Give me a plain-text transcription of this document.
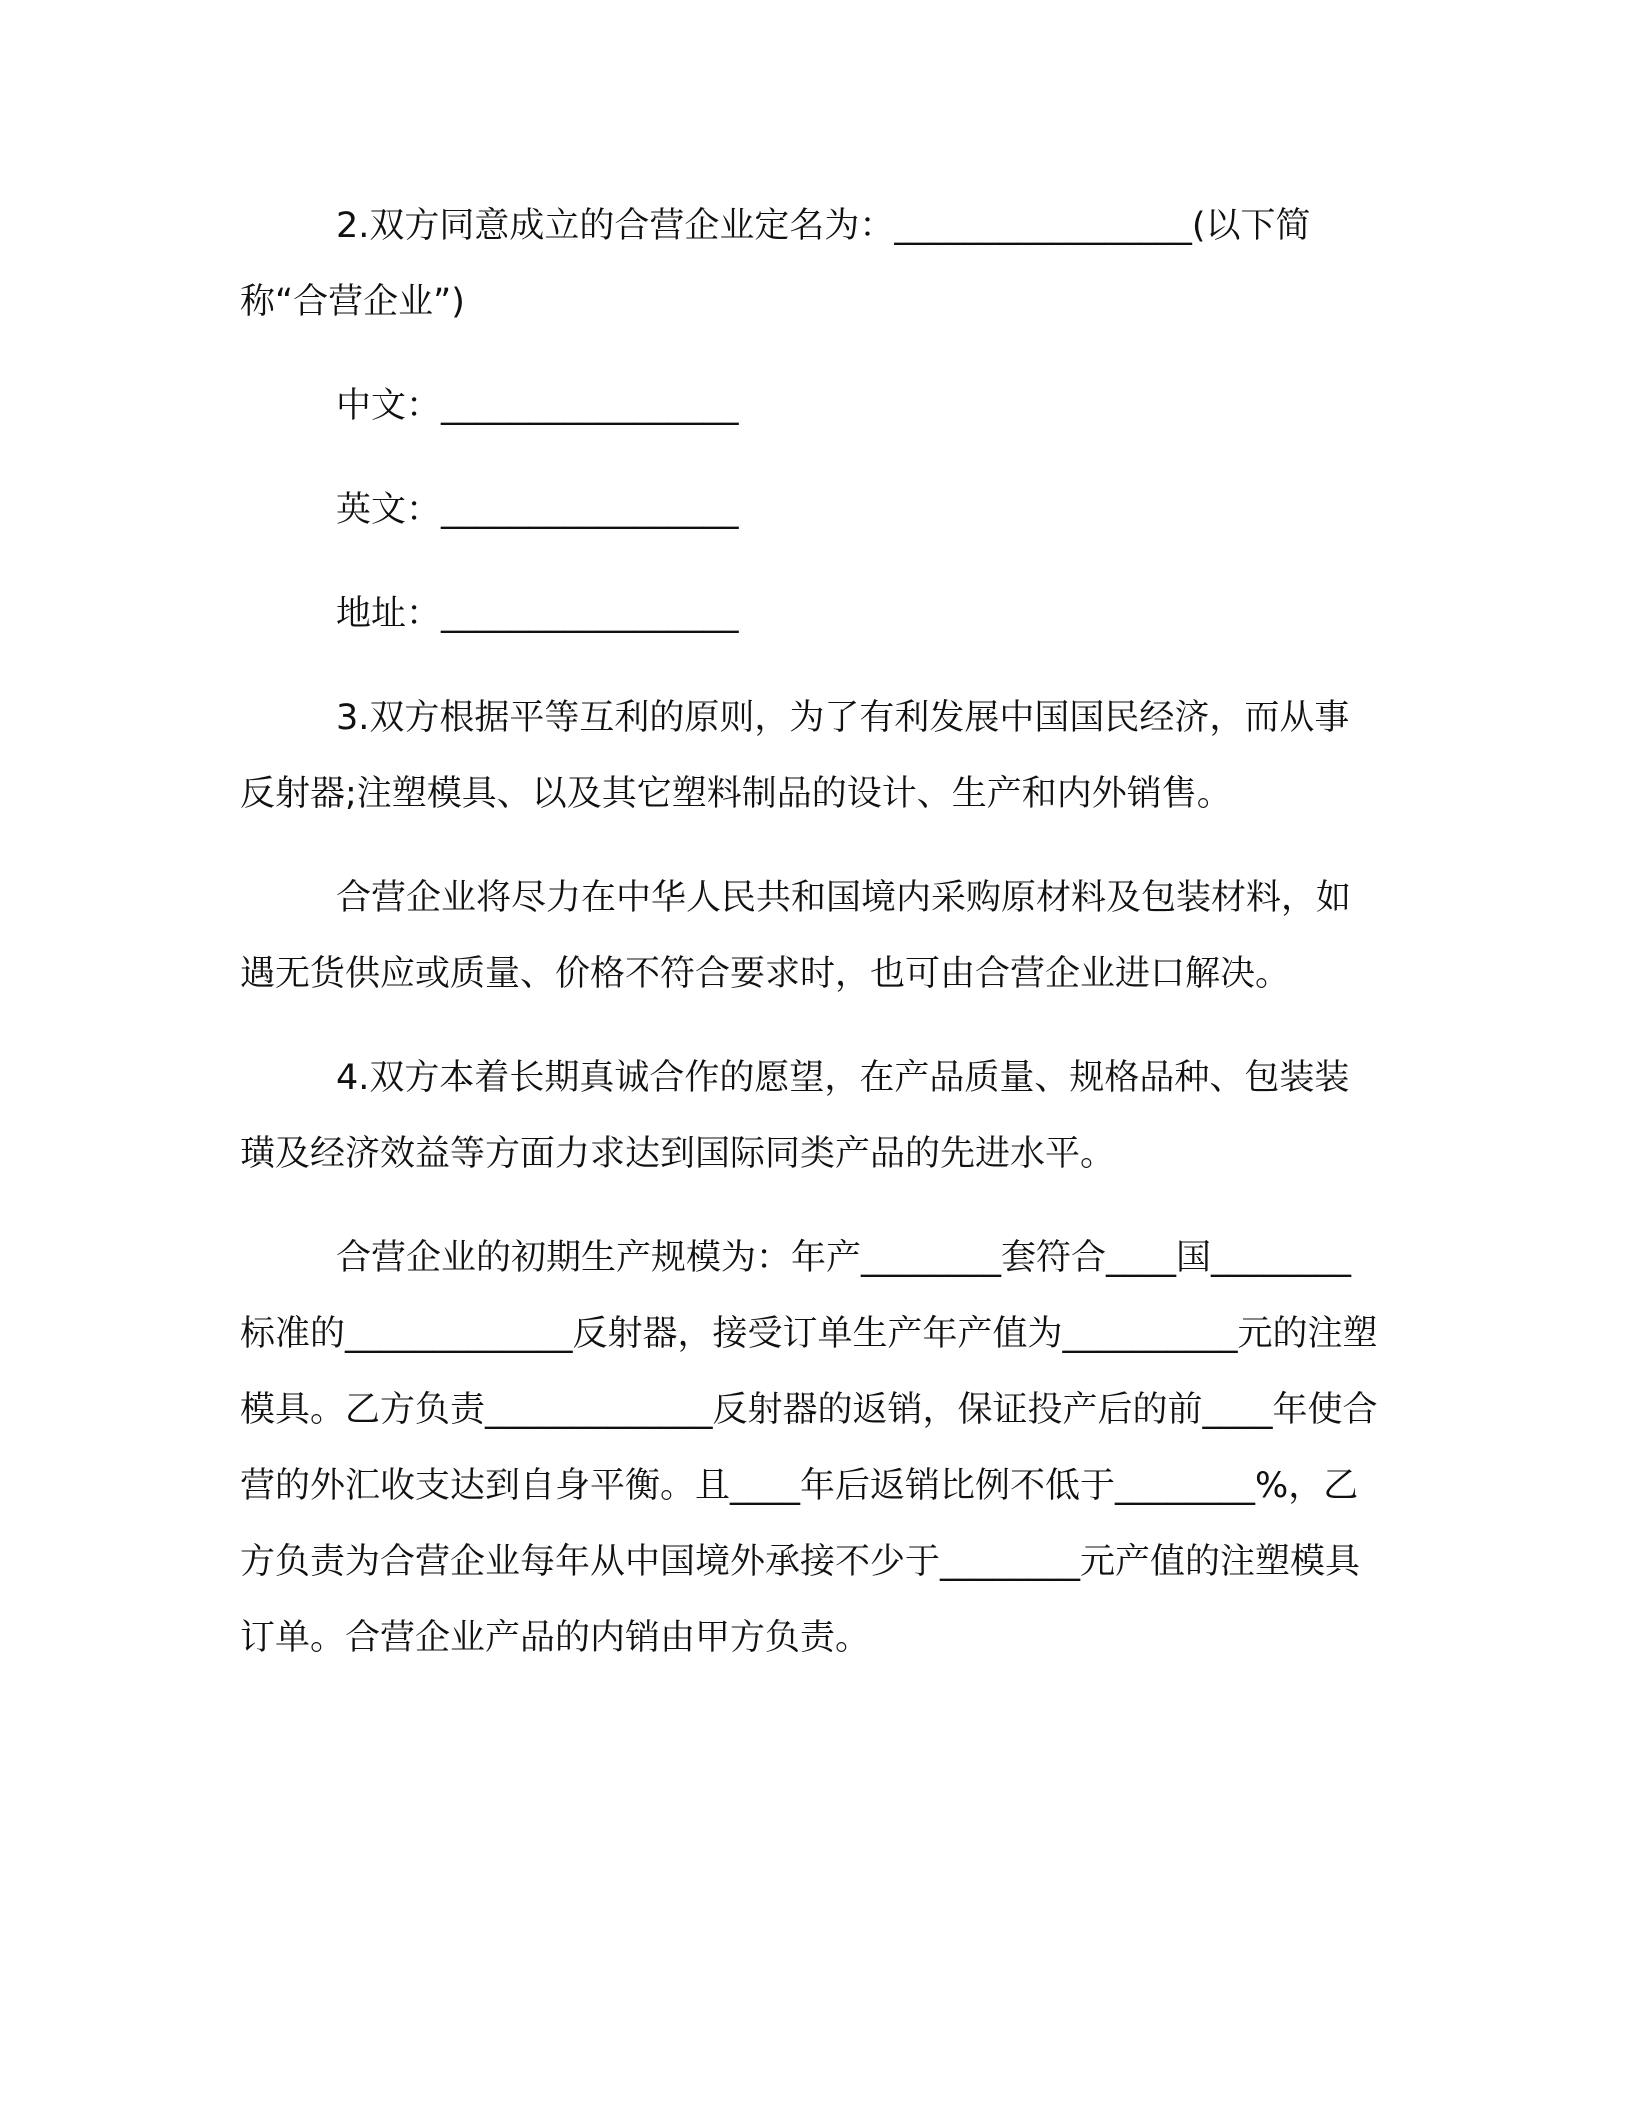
2.双方同意成立的合营企业定名为：_________________(以下简称“合营企业”)

中文：_________________

英文：_________________

地址：_________________

3.双方根据平等互利的原则，为了有利发展中国国民经济，而从事反射器;注塑模具、以及其它塑料制品的设计、生产和内外销售。

合营企业将尽力在中华人民共和国境内采购原材料及包装材料，如遇无货供应或质量、价格不符合要求时，也可由合营企业进口解决。

4.双方本着长期真诚合作的愿望，在产品质量、规格品种、包装装璜及经济效益等方面力求达到国际同类产品的先进水平。

合营企业的初期生产规模为：年产________套符合____国________标准的_____________反射器，接受订单生产年产值为__________元的注塑模具。乙方负责_____________反射器的返销，保证投产后的前____年使合营的外汇收支达到自身平衡。且____年后返销比例不低于________%，乙方负责为合营企业每年从中国境外承接不少于________元产值的注塑模具订单。合营企业产品的内销由甲方负责。
